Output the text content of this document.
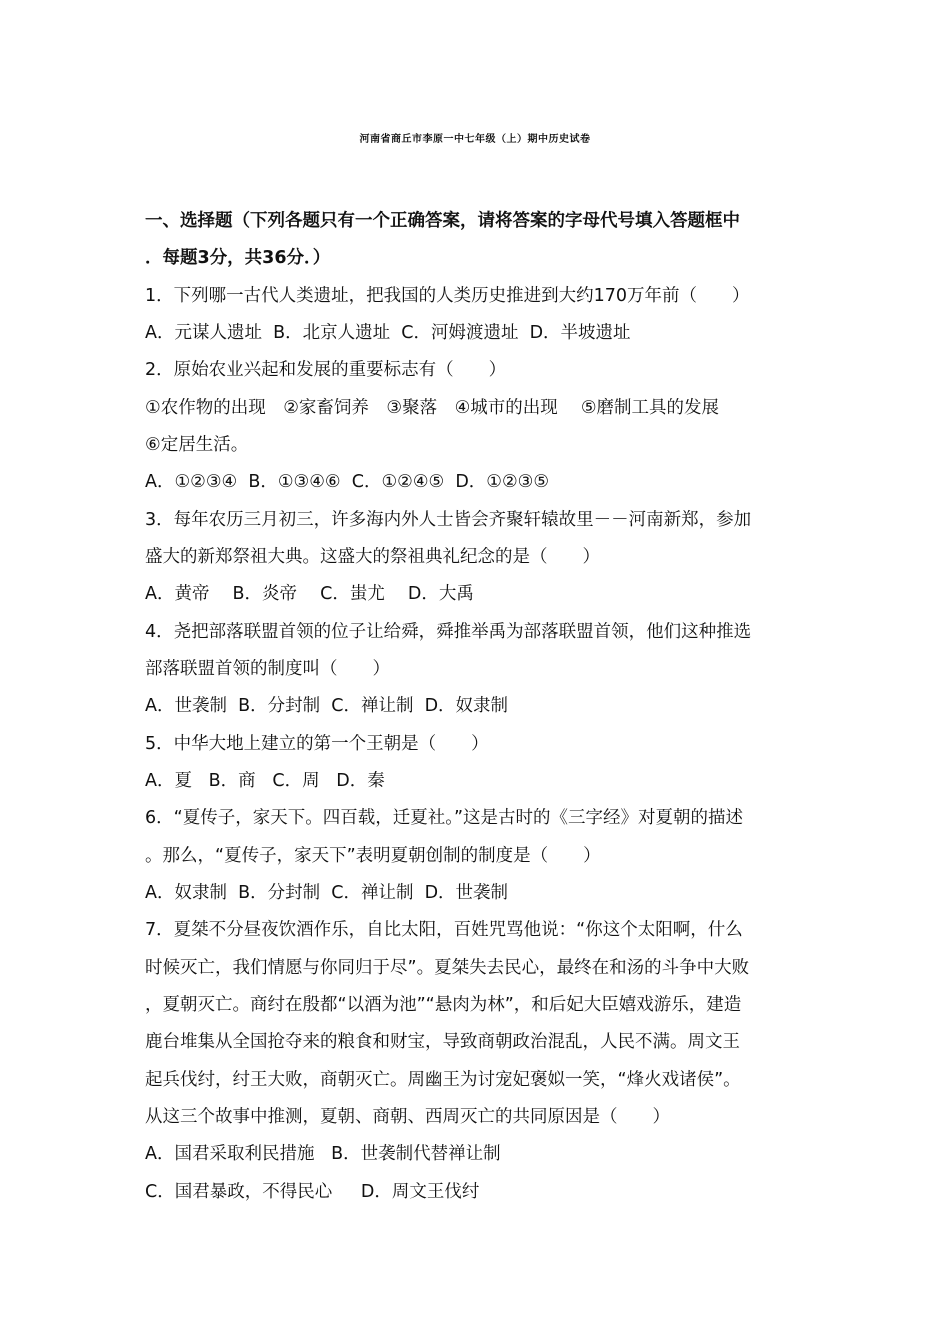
河南省商丘市李原一中七年级（上）期中历史试卷
一、选择题（下列各题只有一个正确答案，请将答案的字母代号填入答题框中
．每题3分，共36分．）
1．下列哪一古代人类遗址，把我国的人类历史推进到大约170万年前（　　）
A．元谋人遗址  B．北京人遗址  C．河姆渡遗址  D．半坡遗址
2．原始农业兴起和发展的重要标志有（　　）
①农作物的出现　②家畜饲养　③聚落　④城市的出现　 ⑤磨制工具的发展
⑥定居生活。
A．①②③④  B．①③④⑥  C．①②④⑤  D．①②③⑤
3．每年农历三月初三，许多海内外人士皆会齐聚轩辕故里－－河南新郑，参加
盛大的新郑祭祖大典。这盛大的祭祖典礼纪念的是（　　）
A．黄帝　 B．炎帝　 C．蚩尤　 D．大禹
4．尧把部落联盟首领的位子让给舜，舜推举禹为部落联盟首领，他们这种推选
部落联盟首领的制度叫（　　）
A．世袭制  B．分封制  C．禅让制  D．奴隶制
5．中华大地上建立的第一个王朝是（　　）
A．夏   B．商   C．周   D．秦
6．“夏传子，家天下。四百载，迁夏社。”这是古时的《三字经》对夏朝的描述
。那么，“夏传子，家天下”表明夏朝创制的制度是（　　）
A．奴隶制  B．分封制  C．禅让制  D．世袭制
7．夏桀不分昼夜饮酒作乐，自比太阳，百姓咒骂他说：“你这个太阳啊，什么
时候灭亡，我们情愿与你同归于尽”。夏桀失去民心，最终在和汤的斗争中大败
，夏朝灭亡。商纣在殷都“以酒为池”“悬肉为林”，和后妃大臣嬉戏游乐，建造
鹿台堆集从全国抢夺来的粮食和财宝，导致商朝政治混乱，人民不满。周文王
起兵伐纣，纣王大败，商朝灭亡。周幽王为讨宠妃褒姒一笑，“烽火戏诸侯”。
从这三个故事中推测，夏朝、商朝、西周灭亡的共同原因是（　　）
A．国君采取利民措施   B．世袭制代替禅让制
C．国君暴政，不得民心　  D．周文王伐纣
